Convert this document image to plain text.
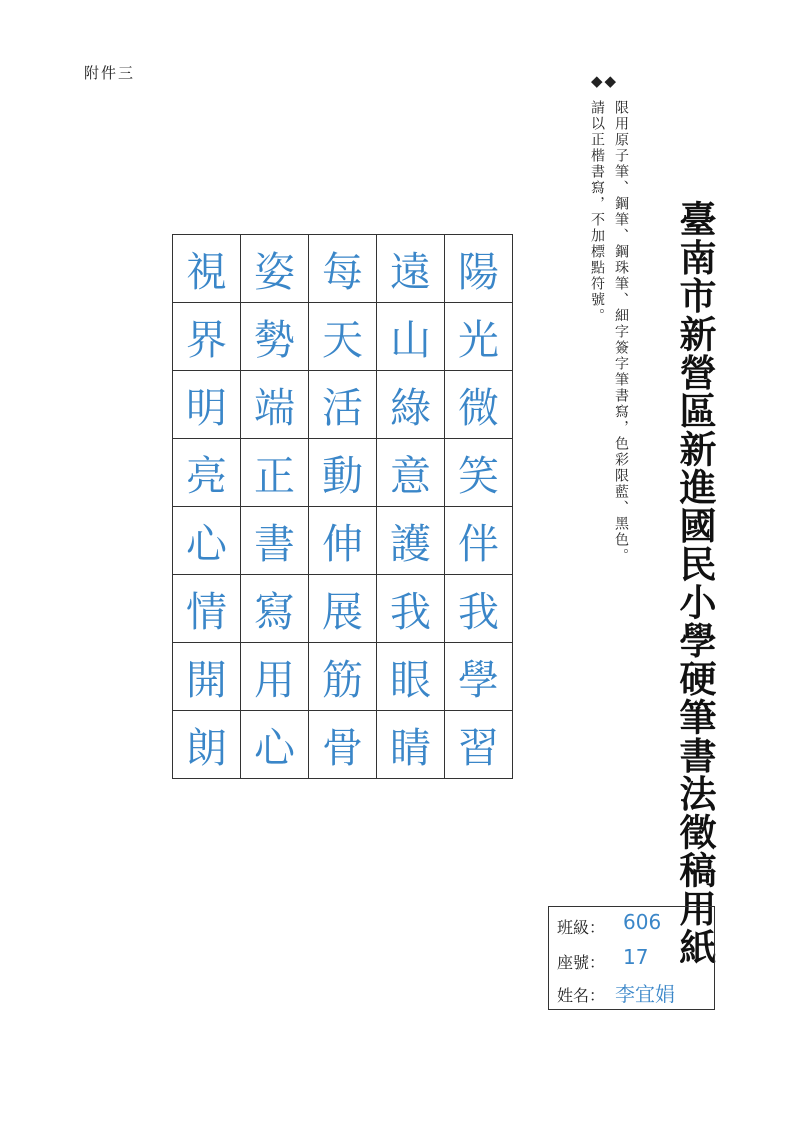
附件三
臺南市新營區新進國民小學硬筆書法徵稿用紙
◆◆
限用原子筆、鋼筆、鋼珠筆、細字簽字筆書寫，色彩限藍、黑色。
請以正楷書寫，不加標點符號。
視	姿	每	遠	陽
界	勢	天	山	光
明	端	活	綠	微
亮	正	動	意	笑
心	書	伸	護	伴
情	寫	展	我	我
開	用	筋	眼	學
朗	心	骨	睛	習
班級： 606
座號： 17
姓名： 李宜娟
